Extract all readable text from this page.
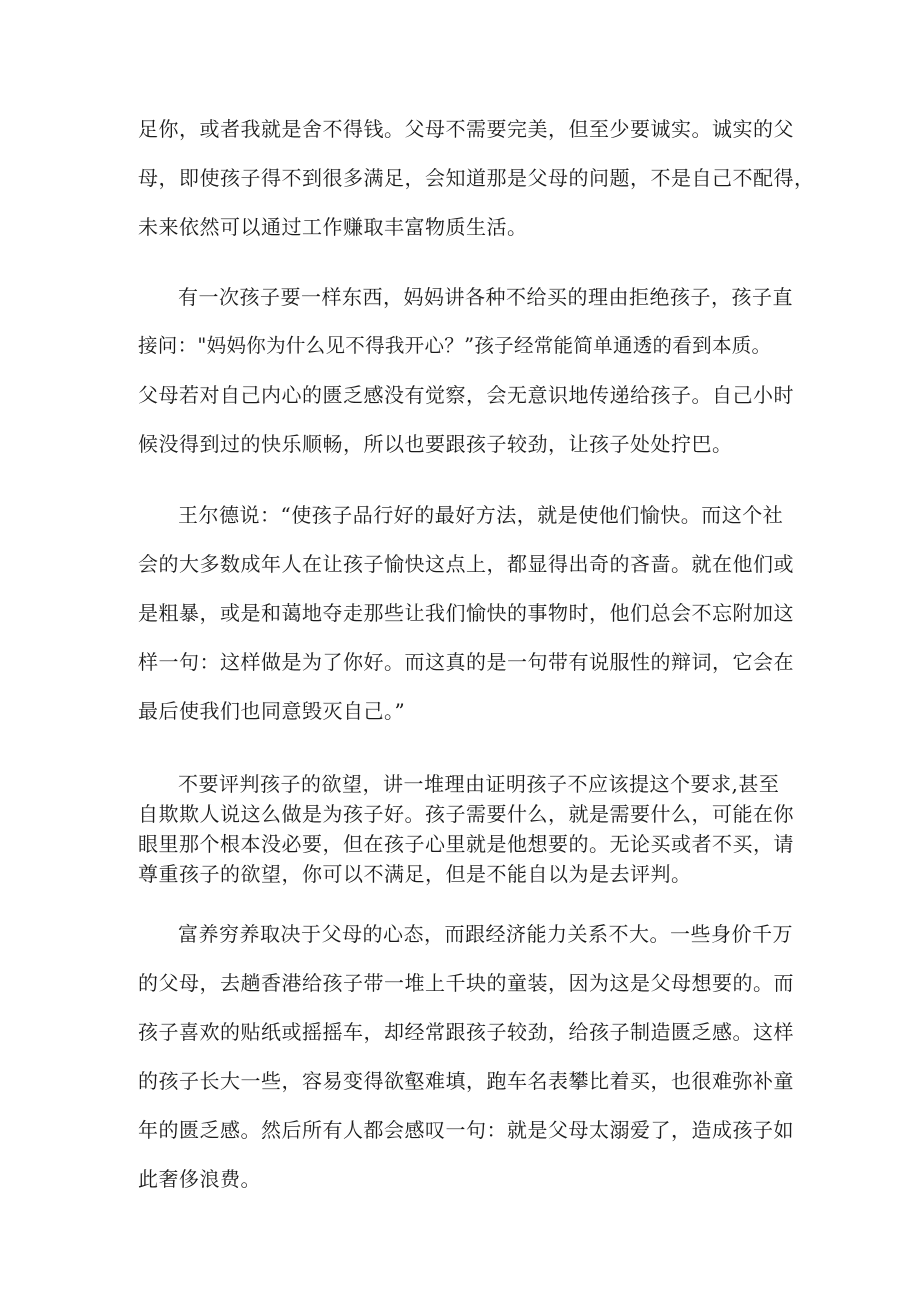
足你，或者我就是舍不得钱。父母不需要完美，但至少要诚实。诚实的父
母，即使孩子得不到很多满足，会知道那是父母的问题，不是自己不配得，
未来依然可以通过工作赚取丰富物质生活。
有一次孩子要一样东西，妈妈讲各种不给买的理由拒绝孩子，孩子直
接问："妈妈你为什么见不得我开心？”孩子经常能简单通透的看到本质。
父母若对自己内心的匮乏感没有觉察，会无意识地传递给孩子。自己小时
候没得到过的快乐顺畅，所以也要跟孩子较劲，让孩子处处拧巴。
王尔德说：“使孩子品行好的最好方法，就是使他们愉快。而这个社
会的大多数成年人在让孩子愉快这点上，都显得出奇的吝啬。就在他们或
是粗暴，或是和蔼地夺走那些让我们愉快的事物时，他们总会不忘附加这
样一句：这样做是为了你好。而这真的是一句带有说服性的辩词，它会在
最后使我们也同意毁灭自己。”
不要评判孩子的欲望，讲一堆理由证明孩子不应该提这个要求,甚至
自欺欺人说这么做是为孩子好。孩子需要什么，就是需要什么，可能在你
眼里那个根本没必要，但在孩子心里就是他想要的。无论买或者不买，请
尊重孩子的欲望，你可以不满足，但是不能自以为是去评判。
富养穷养取决于父母的心态，而跟经济能力关系不大。一些身价千万
的父母，去趟香港给孩子带一堆上千块的童装，因为这是父母想要的。而
孩子喜欢的贴纸或摇摇车，却经常跟孩子较劲，给孩子制造匮乏感。这样
的孩子长大一些，容易变得欲壑难填，跑车名表攀比着买，也很难弥补童
年的匮乏感。然后所有人都会感叹一句：就是父母太溺爱了，造成孩子如
此奢侈浪费。
